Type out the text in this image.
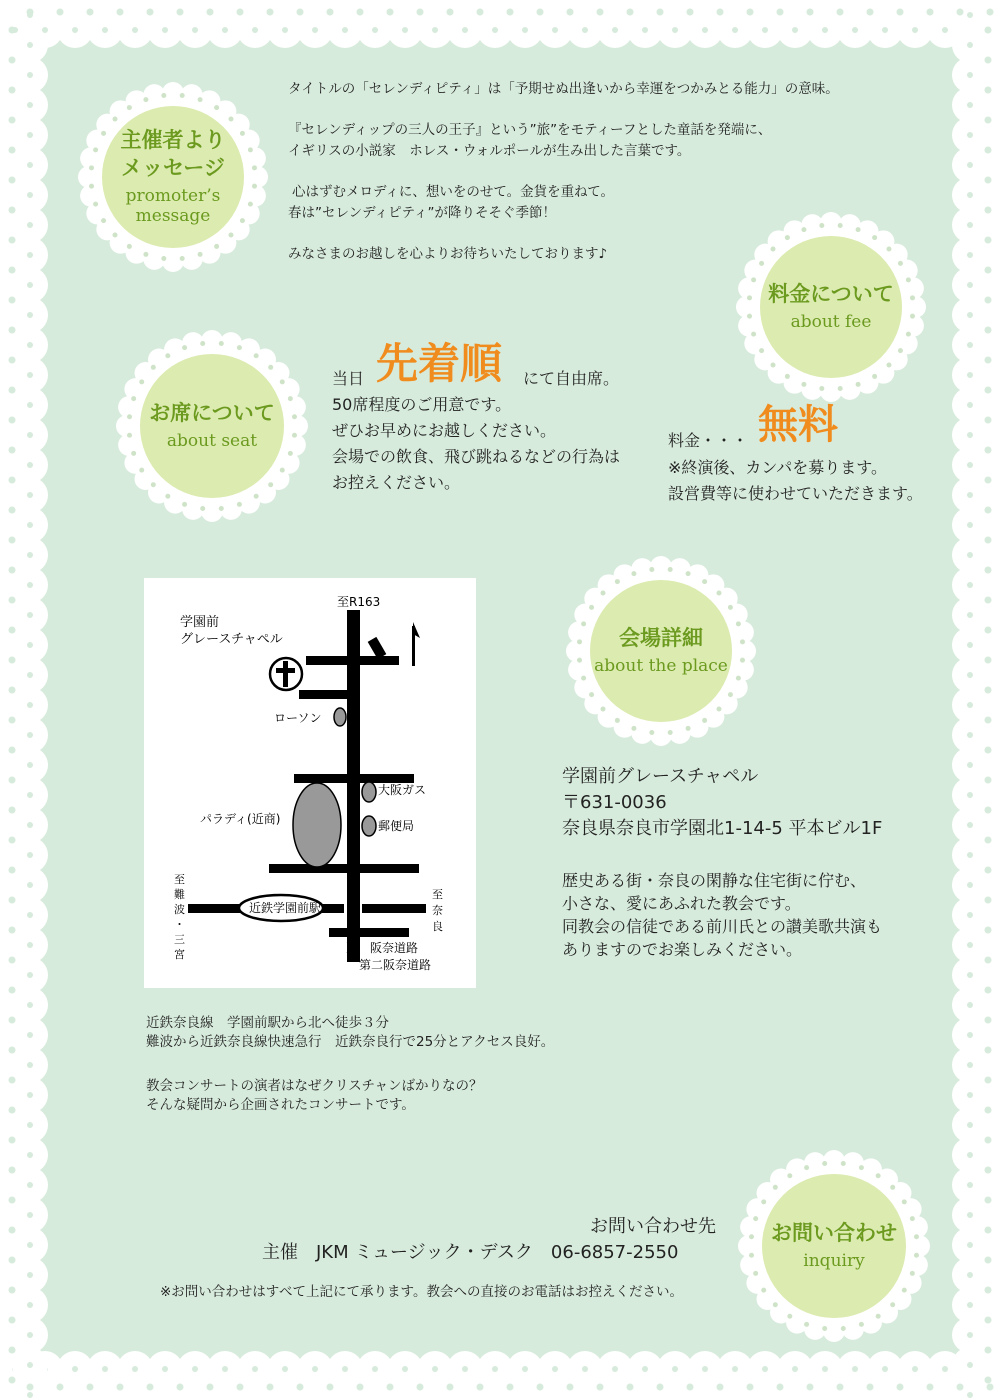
主催者より
メッセージ
promoter’s
message
タイトルの「セレンディピティ」は「予期せぬ出逢いから幸運をつかみとる能力」の意味。
『セレンディップの三人の王子』という”旅”をモティーフとした童話を発端に、
イギリスの小説家　ホレス・ウォルポールが生み出した言葉です。
心はずむメロディに、想いをのせて。金貨を重ねて。
春は”セレンディピティ”が降りそそぐ季節！
みなさまのお越しを心よりお待ちいたしております♪
料金について
about fee
お席について
about seat
当日 先着順 にて自由席。
50席程度のご用意です。
ぜひお早めにお越しください。
会場での飲食、飛び跳ねるなどの行為は
お控えください。
料金・・・ 無料
※終演後、カンパを募ります。
設営費等に使わせていただきます。
至R163
学園前
グレースチャペル
ローソン
大阪ガス
パラディ(近商)	郵便局
近鉄学園前駅
至　阪奈道路
第二阪奈道路
至
難
波
・
三
宮
至
奈
良
会場詳細
about the place
学園前グレースチャペル
〒631-0036
奈良県奈良市学園北1-14-5 平本ビル1F
歴史ある街・奈良の閑静な住宅街に佇む、
小さな、愛にあふれた教会です。
同教会の信徒である前川氏との讃美歌共演も
ありますのでお楽しみください。
近鉄奈良線　学園前駅から北へ徒歩３分
難波から近鉄奈良線快速急行　近鉄奈良行で25分とアクセス良好。
教会コンサートの演者はなぜクリスチャンばかりなの？
そんな疑問から企画されたコンサートです。
お問い合わせ
inquiry
お問い合わせ先
主催　JKM ミュージック・デスク　06-6857-2550
※お問い合わせはすべて上記にて承ります。教会への直接のお電話はお控えください。
